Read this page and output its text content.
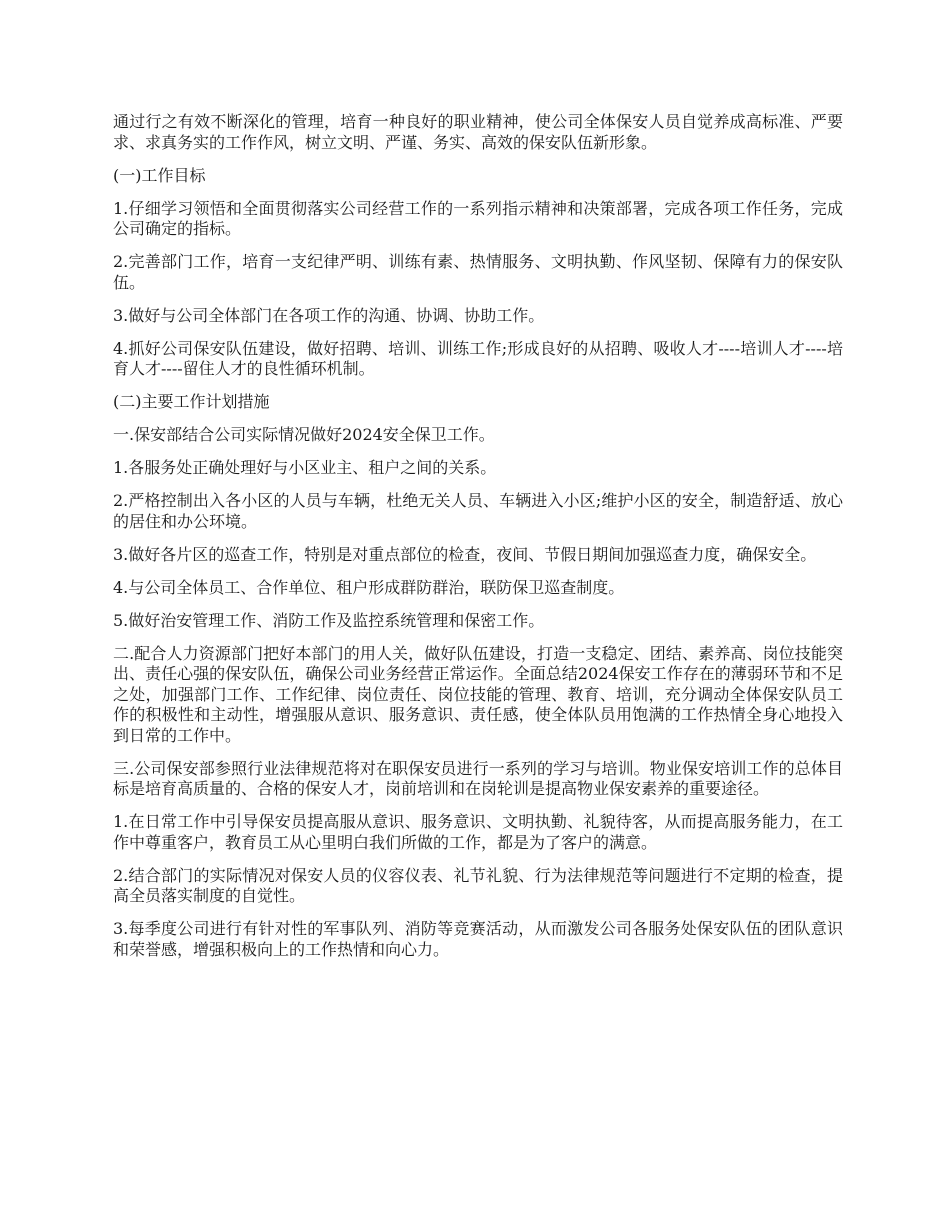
通过行之有效不断深化的管理，培育一种良好的职业精神，使公司全体保安人员自觉养成高标准、严要求、求真务实的工作作风，树立文明、严谨、务实、高效的保安队伍新形象。

(一)工作目标

1.仔细学习领悟和全面贯彻落实公司经营工作的一系列指示精神和决策部署，完成各项工作任务，完成公司确定的指标。

2.完善部门工作，培育一支纪律严明、训练有素、热情服务、文明执勤、作风坚韧、保障有力的保安队伍。

3.做好与公司全体部门在各项工作的沟通、协调、协助工作。

4.抓好公司保安队伍建设，做好招聘、培训、训练工作;形成良好的从招聘、吸收人才----培训人才----培育人才----留住人才的良性循环机制。

(二)主要工作计划措施

一.保安部结合公司实际情况做好2024安全保卫工作。

1.各服务处正确处理好与小区业主、租户之间的关系。

2.严格控制出入各小区的人员与车辆，杜绝无关人员、车辆进入小区;维护小区的安全，制造舒适、放心的居住和办公环境。

3.做好各片区的巡查工作，特别是对重点部位的检查，夜间、节假日期间加强巡查力度，确保安全。

4.与公司全体员工、合作单位、租户形成群防群治，联防保卫巡查制度。

5.做好治安管理工作、消防工作及监控系统管理和保密工作。

二.配合人力资源部门把好本部门的用人关，做好队伍建设，打造一支稳定、团结、素养高、岗位技能突出、责任心强的保安队伍，确保公司业务经营正常运作。全面总结2024保安工作存在的薄弱环节和不足之处，加强部门工作、工作纪律、岗位责任、岗位技能的管理、教育、培训，充分调动全体保安队员工作的积极性和主动性，增强服从意识、服务意识、责任感，使全体队员用饱满的工作热情全身心地投入到日常的工作中。

三.公司保安部参照行业法律规范将对在职保安员进行一系列的学习与培训。物业保安培训工作的总体目标是培育高质量的、合格的保安人才，岗前培训和在岗轮训是提高物业保安素养的重要途径。

1.在日常工作中引导保安员提高服从意识、服务意识、文明执勤、礼貌待客，从而提高服务能力，在工作中尊重客户，教育员工从心里明白我们所做的工作，都是为了客户的满意。

2.结合部门的实际情况对保安人员的仪容仪表、礼节礼貌、行为法律规范等问题进行不定期的检查，提高全员落实制度的自觉性。

3.每季度公司进行有针对性的军事队列、消防等竞赛活动，从而激发公司各服务处保安队伍的团队意识和荣誉感，增强积极向上的工作热情和向心力。
